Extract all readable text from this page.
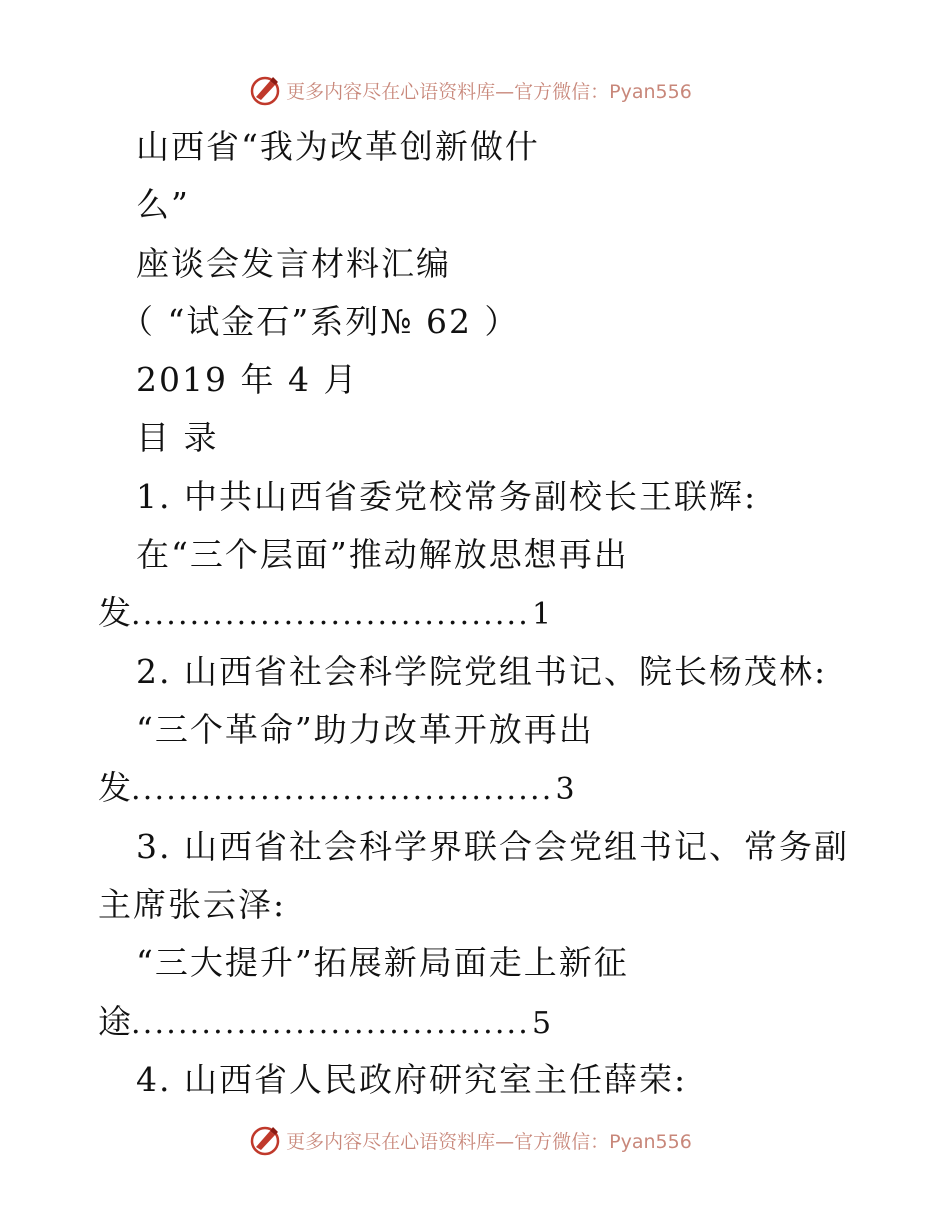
更多内容尽在心语资料库—官方微信：Pyan556
山西省“我为改革创新做什
么”
座谈会发言材料汇编
（ “试金石”系列№ 62 ）
2019 年 4 月
目 录
1. 中共山西省委党校常务副校长王联辉:
在“三个层面”推动解放思想再出
发 .................................. 1
2. 山西省社会科学院党组书记、院长杨茂林:
“三个革命”助力改革开放再出
发 .................................... 3
3. 山西省社会科学界联合会党组书记、常务副
主席张云泽:
“三大提升”拓展新局面走上新征
途 .................................. 5
4. 山西省人民政府研究室主任薛荣:
更多内容尽在心语资料库—官方微信：Pyan556
